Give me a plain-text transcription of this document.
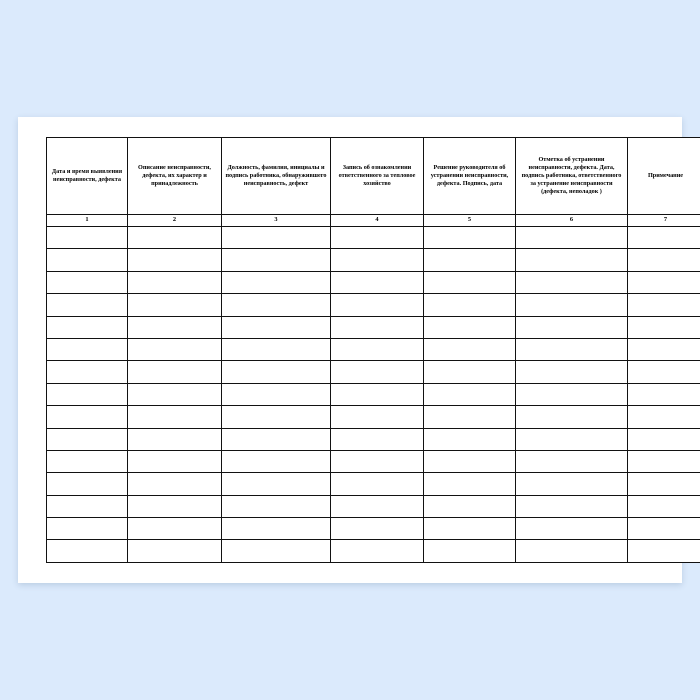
Дата и время выявления неисправности, дефекта	Описание неисправности, дефекта, их характер и принадлежность	Должность, фамилия, инициалы и подпись работника, обнаружившего неисправность, дефект	Запись об ознакомлении ответственного за тепловое хозяйство	Решение руководителя об устранении неисправности, дефекта. Подпись, дата	Отметка об устранении неисправности, дефекта. Дата, подпись работника, ответственного за устранение неисправности (дефекта, неполадок )	Примечание

1	2	3	4	5	6	7
